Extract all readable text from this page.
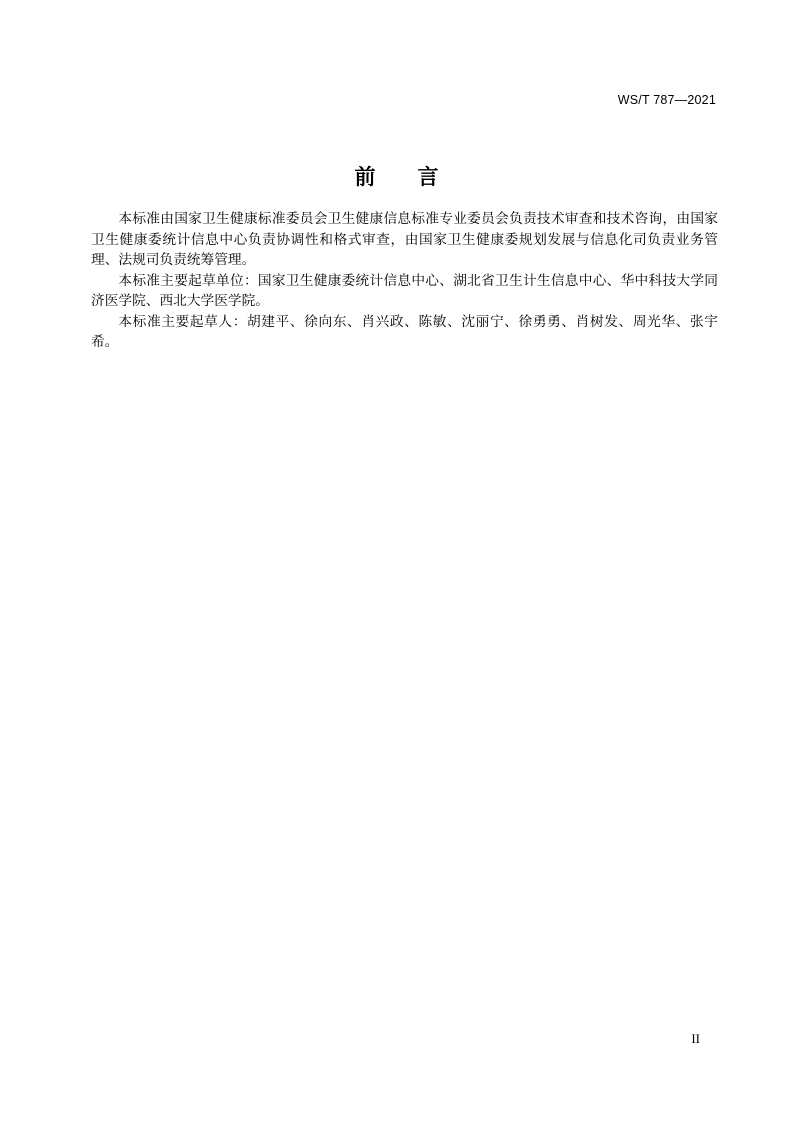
WS/T 787—2021
前 言

本标准由国家卫生健康标准委员会卫生健康信息标准专业委员会负责技术审查和技术咨询，由国家卫生健康委统计信息中心负责协调性和格式审查，由国家卫生健康委规划发展与信息化司负责业务管理、法规司负责统筹管理。

本标准主要起草单位：国家卫生健康委统计信息中心、湖北省卫生计生信息中心、华中科技大学同济医学院、西北大学医学院。

本标准主要起草人：胡建平、徐向东、肖兴政、陈敏、沈丽宁、徐勇勇、肖树发、周光华、张宇希。

II
